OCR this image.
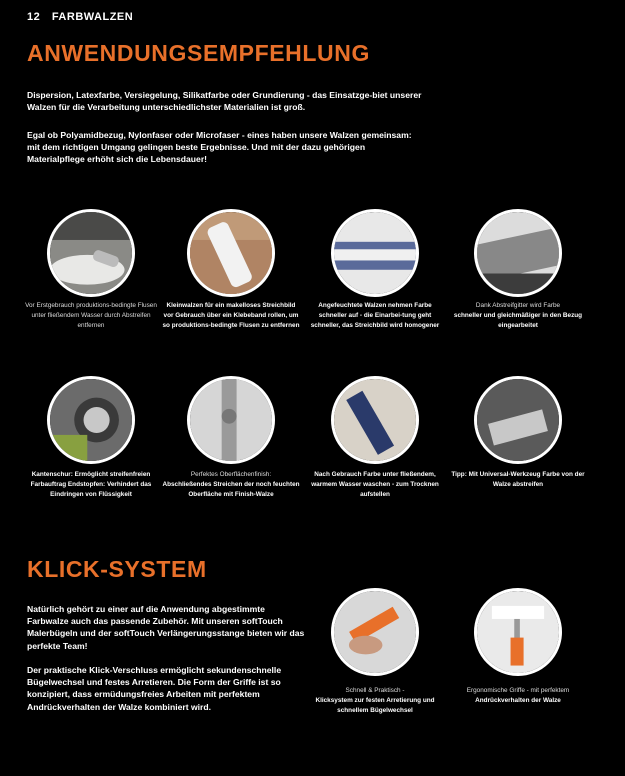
12 FARBWALZEN
ANWENDUNGSEMPFEHLUNG
Dispersion, Latexfarbe, Versiegelung, Silikatfarbe oder Grundierung - das Einsatzge-biet unserer Walzen für die Verarbeitung unterschiedlichster Materialien ist groß.
Egal ob Polyamidbezug, Nylonfaser oder Microfaser - eines haben unsere Walzen gemeinsam: mit dem richtigen Umgang gelingen beste Ergebnisse. Und mit der dazu gehörigen Materialpflege erhöht sich die Lebensdauer!
Vor Erstgebrauch produktions-bedingte Flusen unter fließendem Wasser durch Abstreifen entfernen
Kleinwalzen für ein makelloses Streichbild vor Gebrauch über ein Klebeband rollen, um so produktions-bedingte Flusen zu entfernen
Angefeuchtete Walzen nehmen Farbe schneller auf - die Einarbei-tung geht schneller, das Streichbild wird homogener
Dank Abstreifgitter wird Farbe
schneller und gleichmäßiger in den Bezug eingearbeitet
Kantenschur: Ermöglicht streifenfreien Farbauftrag Endstopfen: Verhindert das Eindringen von Flüssigkeit
Perfektes Oberflächenfinish:
Abschließendes Streichen der noch feuchten Oberfläche mit Finish-Walze
Nach Gebrauch Farbe unter fließendem, warmem Wasser waschen - zum Trocknen aufstellen
Tipp: Mit Universal-Werkzeug Farbe von der Walze abstreifen
KLICK-SYSTEM
Natürlich gehört zu einer auf die Anwendung abgestimmte Farbwalze auch das passende Zubehör. Mit unseren softTouch Malerbügeln und der softTouch Verlängerungsstange bieten wir das perfekte Team!
Der praktische Klick-Verschluss ermöglicht sekundenschnelle Bügelwechsel und festes Arretieren. Die Form der Griffe ist so konzipiert, dass ermüdungsfreies Arbeiten mit perfektem Andrückverhalten der Walze kombiniert wird.
Schnell & Praktisch -
Klicksystem zur festen Arretierung und schnellem Bügelwechsel
Ergonomische Griffe - mit perfektem
Andrückverhalten der Walze
